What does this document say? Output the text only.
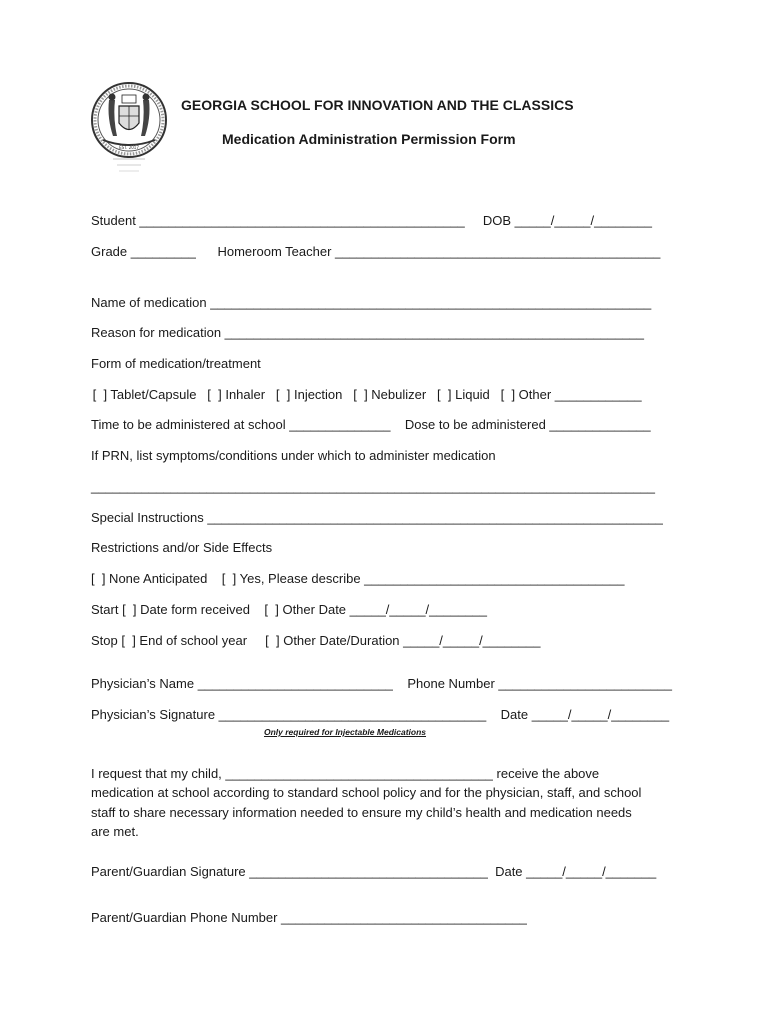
EST. 2017
GEORGIA SCHOOL FOR INNOVATION AND THE CLASSICS
Medication Administration Permission Form
Student _____________________________________________     DOB _____/_____/________
Grade _________      Homeroom Teacher _____________________________________________
Name of medication _____________________________________________________________
Reason for medication __________________________________________________________
Form of medication/treatment
[  ] Tablet/Capsule   [  ] Inhaler   [  ] Injection   [  ] Nebulizer   [  ] Liquid   [  ] Other ____________
Time to be administered at school ______________    Dose to be administered ______________
If PRN, list symptoms/conditions under which to administer medication
______________________________________________________________________________
Special Instructions _______________________________________________________________
Restrictions and/or Side Effects
[  ] None Anticipated    [  ] Yes, Please describe ____________________________________
Start [  ] Date form received    [  ] Other Date _____/_____/________
Stop [  ] End of school year     [  ] Other Date/Duration _____/_____/________
Physician’s Name ___________________________    Phone Number ________________________
Physician’s Signature _____________________________________    Date _____/_____/________
Only required for Injectable Medications
I request that my child, _____________________________________ receive the above
medication at school according to standard school policy and for the physician, staff, and school
staff to share necessary information needed to ensure my child’s health and medication needs
are met.
Parent/Guardian Signature _________________________________  Date _____/_____/_______
Parent/Guardian Phone Number __________________________________
